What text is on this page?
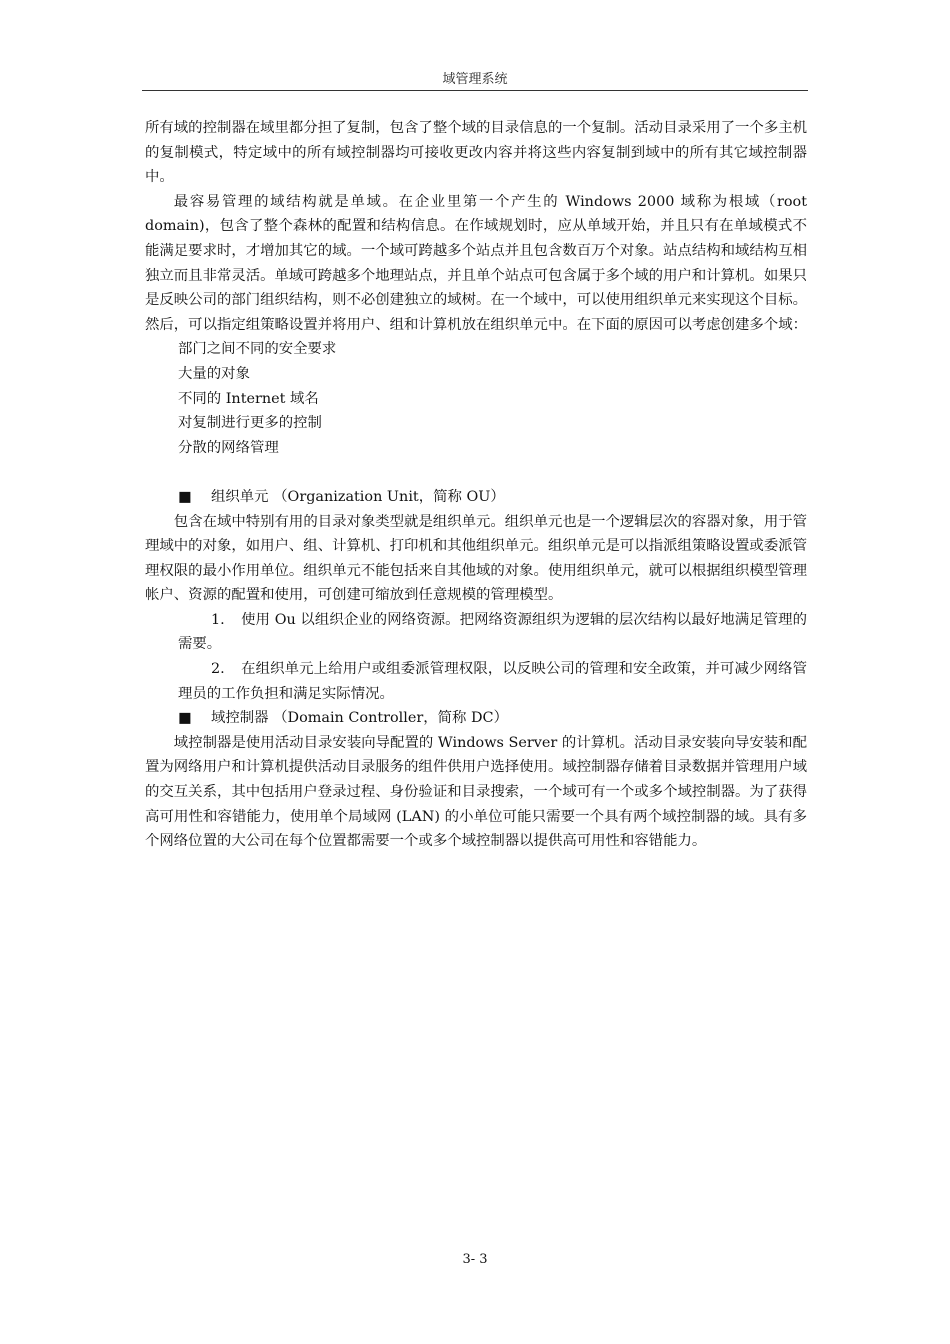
域管理系统

所有域的控制器在域里都分担了复制，包含了整个域的目录信息的一个复制。活动目录采用了一个多主机的复制模式，特定域中的所有域控制器均可接收更改内容并将这些内容复制到域中的所有其它域控制器中。

最容易管理的域结构就是单域。在企业里第一个产生的 Windows 2000 域称为根域（root domain)，包含了整个森林的配置和结构信息。在作域规划时，应从单域开始，并且只有在单域模式不能满足要求时，才增加其它的域。一个域可跨越多个站点并且包含数百万个对象。站点结构和域结构互相独立而且非常灵活。单域可跨越多个地理站点，并且单个站点可包含属于多个域的用户和计算机。如果只是反映公司的部门组织结构，则不必创建独立的域树。在一个域中，可以使用组织单元来实现这个目标。然后，可以指定组策略设置并将用户、组和计算机放在组织单元中。在下面的原因可以考虑创建多个域：

部门之间不同的安全要求

大量的对象

不同的 Internet 域名

对复制进行更多的控制

分散的网络管理

■ 组织单元 （Organization Unit，简称 OU）

包含在域中特别有用的目录对象类型就是组织单元。组织单元也是一个逻辑层次的容器对象，用于管理域中的对象，如用户、组、计算机、打印机和其他组织单元。组织单元是可以指派组策略设置或委派管理权限的最小作用单位。组织单元不能包括来自其他域的对象。使用组织单元，就可以根据组织模型管理帐户、资源的配置和使用，可创建可缩放到任意规模的管理模型。

1. 使用 Ou 以组织企业的网络资源。把网络资源组织为逻辑的层次结构以最好地满足管理的需要。

2. 在组织单元上给用户或组委派管理权限，以反映公司的管理和安全政策，并可减少网络管理员的工作负担和满足实际情况。

■ 域控制器 （Domain Controller，简称 DC）

域控制器是使用活动目录安装向导配置的 Windows Server 的计算机。活动目录安装向导安装和配置为网络用户和计算机提供活动目录服务的组件供用户选择使用。域控制器存储着目录数据并管理用户域的交互关系，其中包括用户登录过程、身份验证和目录搜索，一个域可有一个或多个域控制器。为了获得高可用性和容错能力，使用单个局域网 (LAN) 的小单位可能只需要一个具有两个域控制器的域。具有多个网络位置的大公司在每个位置都需要一个或多个域控制器以提供高可用性和容错能力。

3- 3
